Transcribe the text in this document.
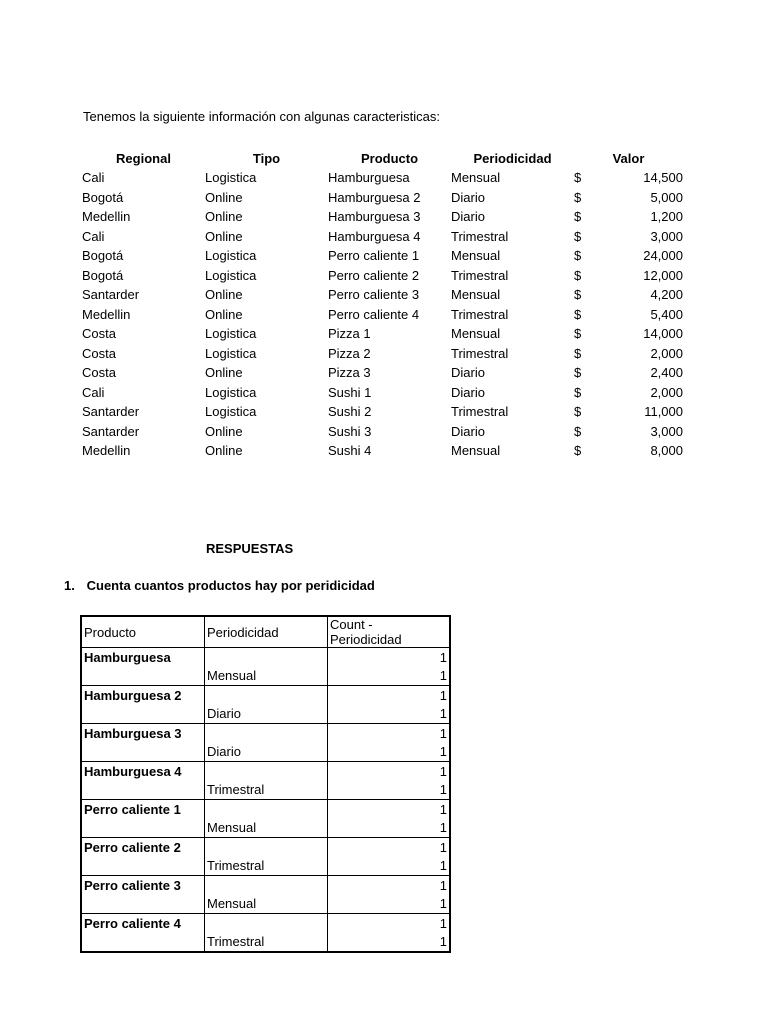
Tenemos la siguiente información con algunas caracteristicas:
Regional	Tipo	Producto	Periodicidad	Valor	
Cali	Logistica	Hamburguesa	Mensual	$	14,500
Bogotá	Online	Hamburguesa 2	Diario	$	5,000
Medellin	Online	Hamburguesa 3	Diario	$	1,200
Cali	Online	Hamburguesa 4	Trimestral	$	3,000
Bogotá	Logistica	Perro caliente 1	Mensual	$	24,000
Bogotá	Logistica	Perro caliente 2	Trimestral	$	12,000
Santarder	Online	Perro caliente 3	Mensual	$	4,200
Medellin	Online	Perro caliente 4	Trimestral	$	5,400
Costa	Logistica	Pizza 1	Mensual	$	14,000
Costa	Logistica	Pizza 2	Trimestral	$	2,000
Costa	Online	Pizza 3	Diario	$	2,400
Cali	Logistica	Sushi 1	Diario	$	2,000
Santarder	Logistica	Sushi 2	Trimestral	$	11,000
Santarder	Online	Sushi 3	Diario	$	3,000
Medellin	Online	Sushi 4	Mensual	$	8,000
RESPUESTAS
1. Cuenta cuantos productos hay por peridicidad
Producto	Periodicidad	Count - Periodicidad
Hamburguesa		1
	Mensual	1
Hamburguesa 2		1
	Diario	1
Hamburguesa 3		1
	Diario	1
Hamburguesa 4		1
	Trimestral	1
Perro caliente 1		1
	Mensual	1
Perro caliente 2		1
	Trimestral	1
Perro caliente 3		1
	Mensual	1
Perro caliente 4		1
	Trimestral	1
